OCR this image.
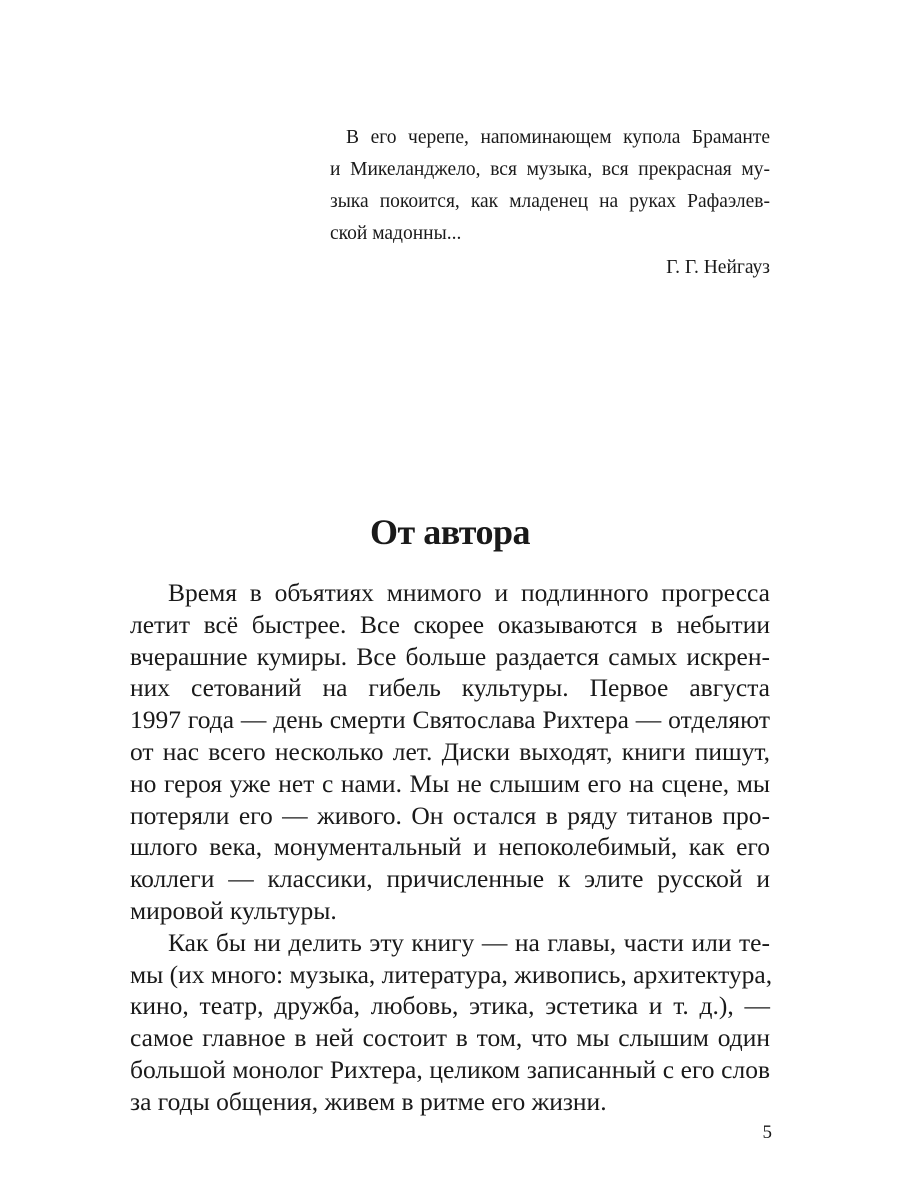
В его черепе, напоминающем купола Браманте
и Микеланджело, вся музыка, вся прекрасная му-
зыка покоится, как младенец на руках Рафаэлев-
ской мадонны...
Г. Г. Нейгауз
От автора
Время в объятиях мнимого и подлинного прогресса
летит всё быстрее. Все скорее оказываются в небытии
вчерашние кумиры. Все больше раздается самых искрен-
них сетований на гибель культуры. Первое августа
1997 года — день смерти Святослава Рихтера — отделяют
от нас всего несколько лет. Диски выходят, книги пишут,
но героя уже нет с нами. Мы не слышим его на сцене, мы
потеряли его — живого. Он остался в ряду титанов про-
шлого века, монументальный и непоколебимый, как его
коллеги — классики, причисленные к элите русской и
мировой культуры.
Как бы ни делить эту книгу — на главы, части или те-
мы (их много: музыка, литература, живопись, архитектура,
кино, театр, дружба, любовь, этика, эстетика и т. д.), —
самое главное в ней состоит в том, что мы слышим один
большой монолог Рихтера, целиком записанный с его слов
за годы общения, живем в ритме его жизни.
5
